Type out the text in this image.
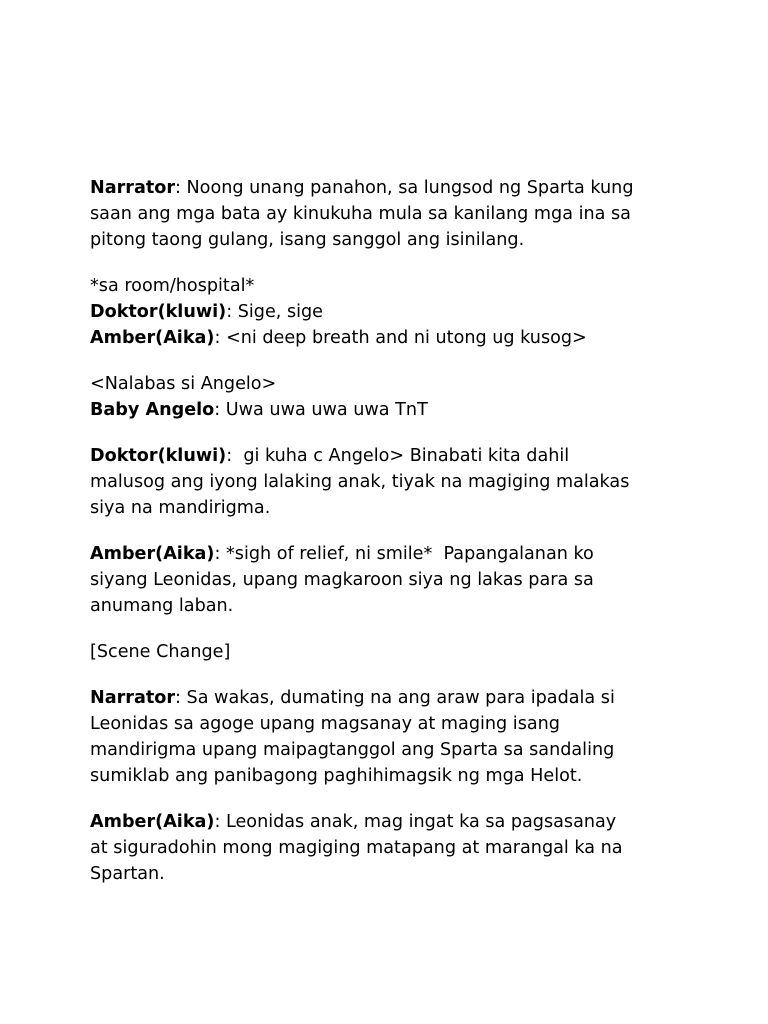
Narrator: Noong unang panahon, sa lungsod ng Sparta kung
saan ang mga bata ay kinukuha mula sa kanilang mga ina sa
pitong taong gulang, isang sanggol ang isinilang.

*sa room/hospital*
Doktor(kluwi): Sige, sige
Amber(Aika): <ni deep breath and ni utong ug kusog>

<Nalabas si Angelo>
Baby Angelo: Uwa uwa uwa uwa TnT

Doktor(kluwi):  gi kuha c Angelo> Binabati kita dahil
malusog ang iyong lalaking anak, tiyak na magiging malakas
siya na mandirigma.

Amber(Aika): *sigh of relief, ni smile*  Papangalanan ko
siyang Leonidas, upang magkaroon siya ng lakas para sa
anumang laban.

[Scene Change]

Narrator: Sa wakas, dumating na ang araw para ipadala si
Leonidas sa agoge upang magsanay at maging isang
mandirigma upang maipagtanggol ang Sparta sa sandaling
sumiklab ang panibagong paghihimagsik ng mga Helot.

Amber(Aika): Leonidas anak, mag ingat ka sa pagsasanay
at siguradohin mong magiging matapang at marangal ka na
Spartan.
